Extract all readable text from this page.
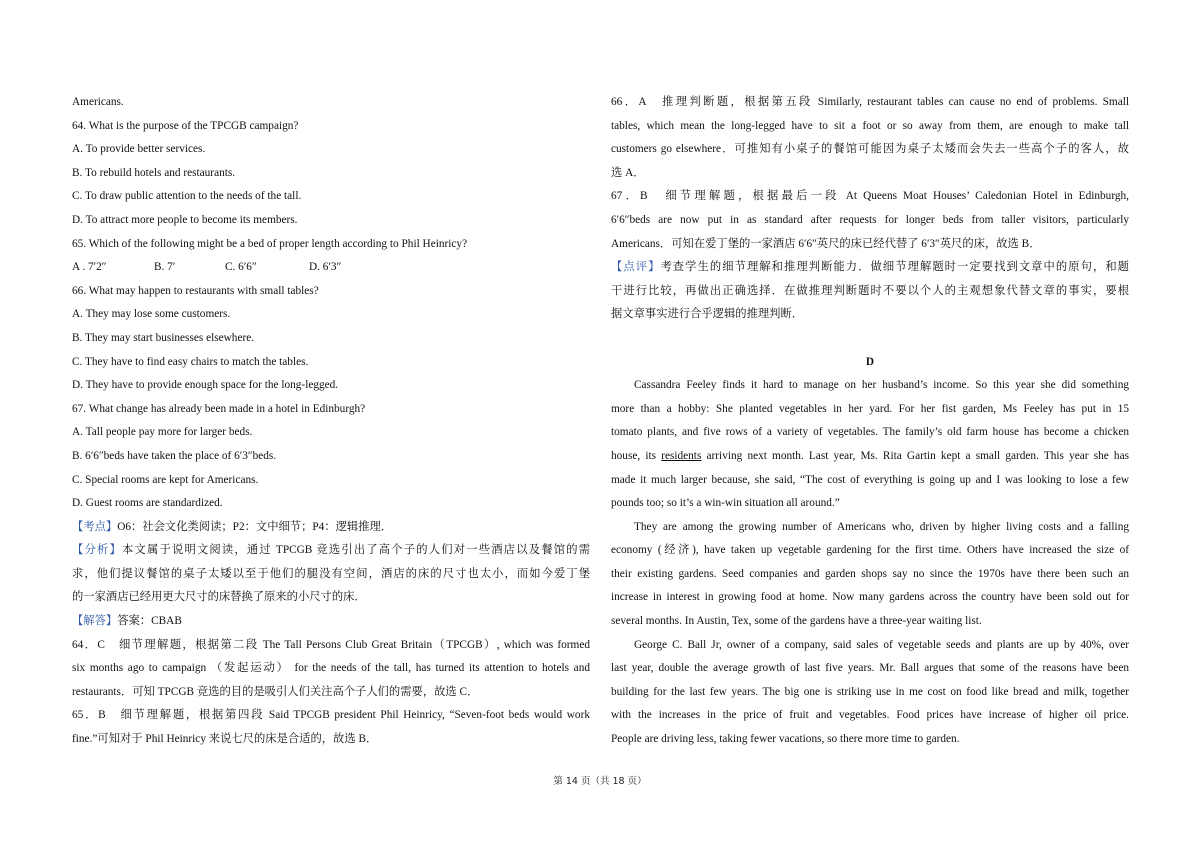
Americans.

64. What is the purpose of the TPCGB campaign?

A. To provide better services.

B. To rebuild hotels and restaurants.

C. To draw public attention to the needs of the tall.

D. To attract more people to become its members.

65. Which of the following might be a bed of proper length according to Phil Heinricy?

A . 7′2″	B. 7′	C. 6′6″	D. 6′3″

66. What may happen to restaurants with small tables?

A. They may lose some customers.

B. They may start businesses elsewhere.

C. They have to find easy chairs to match the tables.

D. They have to provide enough space for the long-legged.

67. What change has already been made in a hotel in Edinburgh?

A. Tall people pay more for larger beds.

B. 6′6″beds have taken the place of 6′3″beds.

C. Special rooms are kept for Americans.

D. Guest rooms are standardized.

【考点】O6：社会文化类阅读；P2：文中细节；P4：逻辑推理．

【分析】本文属于说明文阅读，通过 TPCGB 竞选引出了高个子的人们对一些酒店以及餐馆的需

求，他们提议餐馆的桌子太矮以至于他们的腿没有空间，酒店的床的尺寸也太小，而如今爱丁堡

的一家酒店已经用更大尺寸的床替换了原来的小尺寸的床．

【解答】答案：CBAB

64．C　细节理解题，根据第二段 The Tall Persons Club Great Britain（TPCGB）, which was formed

six months ago to campaign （发起运动） for the needs of the tall, has turned its attention to hotels and

restaurants．可知 TPCGB 竞选的目的是吸引人们关注高个子人们的需要，故选 C．

65．B　细节理解题，根据第四段 Said TPCGB president Phil Heinricy, “Seven-foot beds would work

fine.”可知对于 Phil Heinricy 来说七尺的床是合适的，故选 B．

66．A　推理判断题，根据第五段 Similarly, restaurant tables can cause no end of problems. Small

tables, which mean the long-legged have to sit a foot or so away from them, are enough to make tall

customers go elsewhere．可推知有小桌子的餐馆可能因为桌子太矮而会失去一些高个子的客人，故

选 A．

67．B　细节理解题，根据最后一段 At Queens Moat Houses’ Caledonian Hotel in Edinburgh,

6′6″beds are now put in as standard after requests for longer beds from taller visitors, particularly

Americans．可知在爱丁堡的一家酒店 6′6″英尺的床已经代替了 6′3″英尺的床，故选 B．

【点评】考查学生的细节理解和推理判断能力．做细节理解题时一定要找到文章中的原句，和题

干进行比较，再做出正确选择．在做推理判断题时不要以个人的主观想象代替文章的事实，要根

据文章事实进行合乎逻辑的推理判断．

D

Cassandra Feeley finds it hard to manage on her husband’s income. So this year she did something

more than a hobby: She planted vegetables in her yard. For her fist garden, Ms Feeley has put in 15

tomato plants, and five rows of a variety of vegetables. The family’s old farm house has become a chicken

house, its residents arriving next month. Last year, Ms. Rita Gartin kept a small garden. This year she has

made it much larger because, she said, “The cost of everything is going up and I was looking to lose a few

pounds too; so it’s a win-win situation all around.”

They are among the growing number of Americans who, driven by higher living costs and a falling

economy (经济), have taken up vegetable gardening for the first time. Others have increased the size of

their existing gardens. Seed companies and garden shops say no since the 1970s have there been such an

increase in interest in growing food at home. Now many gardens across the country have been sold out for

several months. In Austin, Tex, some of the gardens have a three-year waiting list.

George C. Ball Jr, owner of a company, said sales of vegetable seeds and plants are up by 40%, over

last year, double the average growth of last five years. Mr. Ball argues that some of the reasons have been

building for the last few years. The big one is striking use in me cost on food like bread and milk, together

with the increases in the price of fruit and vegetables. Food prices have increase of higher oil price.

People are driving less, taking fewer vacations, so there more time to garden.

第 14 页（共 18 页）
